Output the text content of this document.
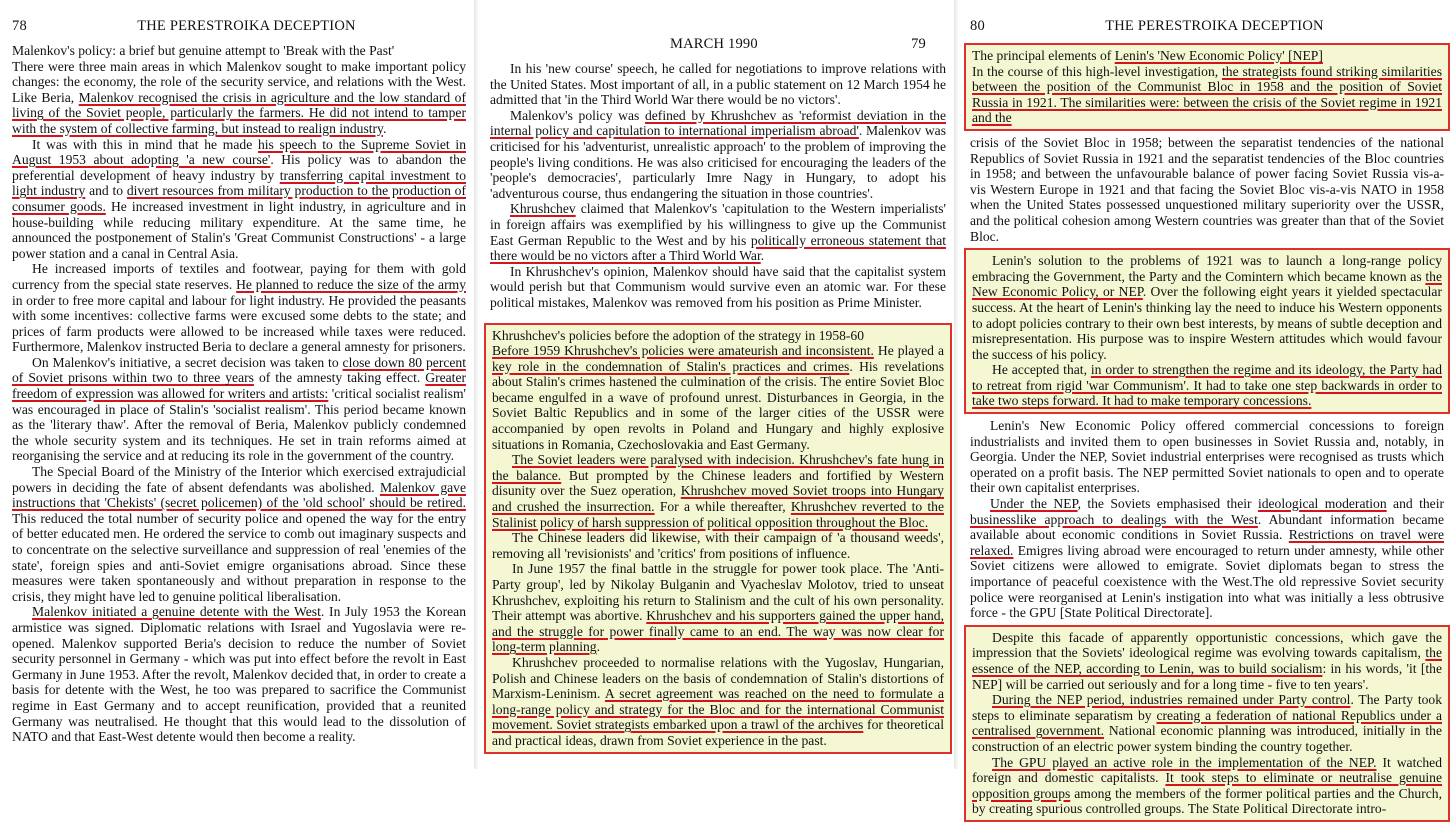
78	THE PERESTROIKA DECEPTION

Malenkov's policy: a brief but genuine attempt to 'Break with the Past'

There were three main areas in which Malenkov sought to make important policy changes: the economy, the role of the security service, and relations with the West. Like Beria, Malenkov recognised the crisis in agriculture and the low standard of living of the Soviet people, particularly the farmers. He did not intend to tamper with the system of collective farming, but instead to realign industry.

It was with this in mind that he made his speech to the Supreme Soviet in August 1953 about adopting 'a new course'. His policy was to abandon the preferential development of heavy industry by transferring capital investment to light industry and to divert resources from military production to the production of consumer goods. He increased investment in light industry, in agriculture and in house-building while reducing military expenditure. At the same time, he announced the postponement of Stalin's 'Great Communist Constructions' - a large power station and a canal in Central Asia.

He increased imports of textiles and footwear, paying for them with gold currency from the special state reserves. He planned to reduce the size of the army in order to free more capital and labour for light industry. He provided the peasants with some incentives: collective farms were excused some debts to the state; and prices of farm products were allowed to be increased while taxes were reduced. Furthermore, Malenkov instructed Beria to declare a general amnesty for prisoners.

On Malenkov's initiative, a secret decision was taken to close down 80 percent of Soviet prisons within two to three years of the amnesty taking effect. Greater freedom of expression was allowed for writers and artists: 'critical socialist realism' was encouraged in place of Stalin's 'socialist realism'. This period became known as the 'literary thaw'. After the removal of Beria, Malenkov publicly condemned the whole security system and its techniques. He set in train reforms aimed at reorganising the service and at reducing its role in the government of the country.

The Special Board of the Ministry of the Interior which exercised extrajudicial powers in deciding the fate of absent defendants was abolished. Malenkov gave instructions that 'Chekists' (secret policemen) of the 'old school' should be retired. This reduced the total number of security police and opened the way for the entry of better educated men. He ordered the service to comb out imaginary suspects and to concentrate on the selective surveillance and suppression of real 'enemies of the state', foreign spies and anti-Soviet emigre organisations abroad. Since these measures were taken spontaneously and without preparation in response to the crisis, they might have led to genuine political liberalisation.

Malenkov initiated a genuine detente with the West. In July 1953 the Korean armistice was signed. Diplomatic relations with Israel and Yugoslavia were re-opened. Malenkov supported Beria's decision to reduce the number of Soviet security personnel in Germany - which was put into effect before the revolt in East Germany in June 1953. After the revolt, Malenkov decided that, in order to create a basis for detente with the West, he too was prepared to sacrifice the Communist regime in East Germany and to accept reunification, provided that a reunited Germany was neutralised. He thought that this would lead to the dissolution of NATO and that East-West detente would then become a reality.

MARCH 1990	79

In his 'new course' speech, he called for negotiations to improve relations with the United States. Most important of all, in a public statement on 12 March 1954 he admitted that 'in the Third World War there would be no victors'.

Malenkov's policy was defined by Khrushchev as 'reformist deviation in the internal policy and capitulation to international imperialism abroad'. Malenkov was criticised for his 'adventurist, unrealistic approach' to the problem of improving the people's living conditions. He was also criticised for encouraging the leaders of the 'people's democracies', particularly Imre Nagy in Hungary, to adopt his 'adventurous course, thus endangering the situation in those countries'.

Khrushchev claimed that Malenkov's 'capitulation to the Western imperialists' in foreign affairs was exemplified by his willingness to give up the Communist East German Republic to the West and by his politically erroneous statement that there would be no victors after a Third World War.

In Khrushchev's opinion, Malenkov should have said that the capitalist system would perish but that Communism would survive even an atomic war. For these political mistakes, Malenkov was removed from his position as Prime Minister.

Khrushchev's policies before the adoption of the strategy in 1958-60

Before 1959 Khrushchev's policies were amateurish and inconsistent. He played a key role in the condemnation of Stalin's practices and crimes. His revelations about Stalin's crimes hastened the culmination of the crisis. The entire Soviet Bloc became engulfed in a wave of profound unrest. Disturbances in Georgia, in the Soviet Baltic Republics and in some of the larger cities of the USSR were accompanied by open revolts in Poland and Hungary and highly explosive situations in Romania, Czechoslovakia and East Germany.

The Soviet leaders were paralysed with indecision. Khrushchev's fate hung in the balance. But prompted by the Chinese leaders and fortified by Western disunity over the Suez operation, Khrushchev moved Soviet troops into Hungary and crushed the insurrection. For a while thereafter, Khrushchev reverted to the Stalinist policy of harsh suppression of political opposition throughout the Bloc.

The Chinese leaders did likewise, with their campaign of 'a thousand weeds', removing all 'revisionists' and 'critics' from positions of influence.

In June 1957 the final battle in the struggle for power took place. The 'Anti-Party group', led by Nikolay Bulganin and Vyacheslav Molotov, tried to unseat Khrushchev, exploiting his return to Stalinism and the cult of his own personality. Their attempt was abortive. Khrushchev and his supporters gained the upper hand, and the struggle for power finally came to an end. The way was now clear for long-term planning.

Khrushchev proceeded to normalise relations with the Yugoslav, Hungarian, Polish and Chinese leaders on the basis of condemnation of Stalin's distortions of Marxism-Leninism. A secret agreement was reached on the need to formulate a long-range policy and strategy for the Bloc and for the international Communist movement. Soviet strategists embarked upon a trawl of the archives for theoretical and practical ideas, drawn from Soviet experience in the past.

80	THE PERESTROIKA DECEPTION

The principal elements of Lenin's 'New Economic Policy' [NEP]

In the course of this high-level investigation, the strategists found striking similarities between the position of the Communist Bloc in 1958 and the position of Soviet Russia in 1921. The similarities were: between the crisis of the Soviet regime in 1921 and the

crisis of the Soviet Bloc in 1958; between the separatist tendencies of the national Republics of Soviet Russia in 1921 and the separatist tendencies of the Bloc countries in 1958; and between the unfavourable balance of power facing Soviet Russia vis-a-vis Western Europe in 1921 and that facing the Soviet Bloc vis-a-vis NATO in 1958 when the United States possessed unquestioned military superiority over the USSR, and the political cohesion among Western countries was greater than that of the Soviet Bloc.

Lenin's solution to the problems of 1921 was to launch a long-range policy embracing the Government, the Party and the Comintern which became known as the New Economic Policy, or NEP. Over the following eight years it yielded spectacular success. At the heart of Lenin's thinking lay the need to induce his Western opponents to adopt policies contrary to their own best interests, by means of subtle deception and misrepresentation. His purpose was to inspire Western attitudes which would favour the success of his policy.

He accepted that, in order to strengthen the regime and its ideology, the Party had to retreat from rigid 'war Communism'. It had to take one step backwards in order to take two steps forward. It had to make temporary concessions.

Lenin's New Economic Policy offered commercial concessions to foreign industrialists and invited them to open businesses in Soviet Russia and, notably, in Georgia. Under the NEP, Soviet industrial enterprises were recognised as trusts which operated on a profit basis. The NEP permitted Soviet nationals to open and to operate their own capitalist enterprises.

Under the NEP, the Soviets emphasised their ideological moderation and their businesslike approach to dealings with the West. Abundant information became available about economic conditions in Soviet Russia. Restrictions on travel were relaxed. Emigres living abroad were encouraged to return under amnesty, while other Soviet citizens were allowed to emigrate. Soviet diplomats began to stress the importance of peaceful coexistence with the West.The old repressive Soviet security police were reorganised at Lenin's instigation into what was initially a less obtrusive force - the GPU [State Political Directorate].

Despite this facade of apparently opportunistic concessions, which gave the impression that the Soviets' ideological regime was evolving towards capitalism, the essence of the NEP, according to Lenin, was to build socialism: in his words, 'it [the NEP] will be carried out seriously and for a long time - five to ten years'.

During the NEP period, industries remained under Party control. The Party took steps to eliminate separatism by creating a federation of national Republics under a centralised government. National economic planning was introduced, initially in the construction of an electric power system binding the country together.

The GPU played an active role in the implementation of the NEP. It watched foreign and domestic capitalists. It took steps to eliminate or neutralise genuine opposition groups among the members of the former political parties and the Church, by creating spurious controlled groups. The State Political Directorate intro-
